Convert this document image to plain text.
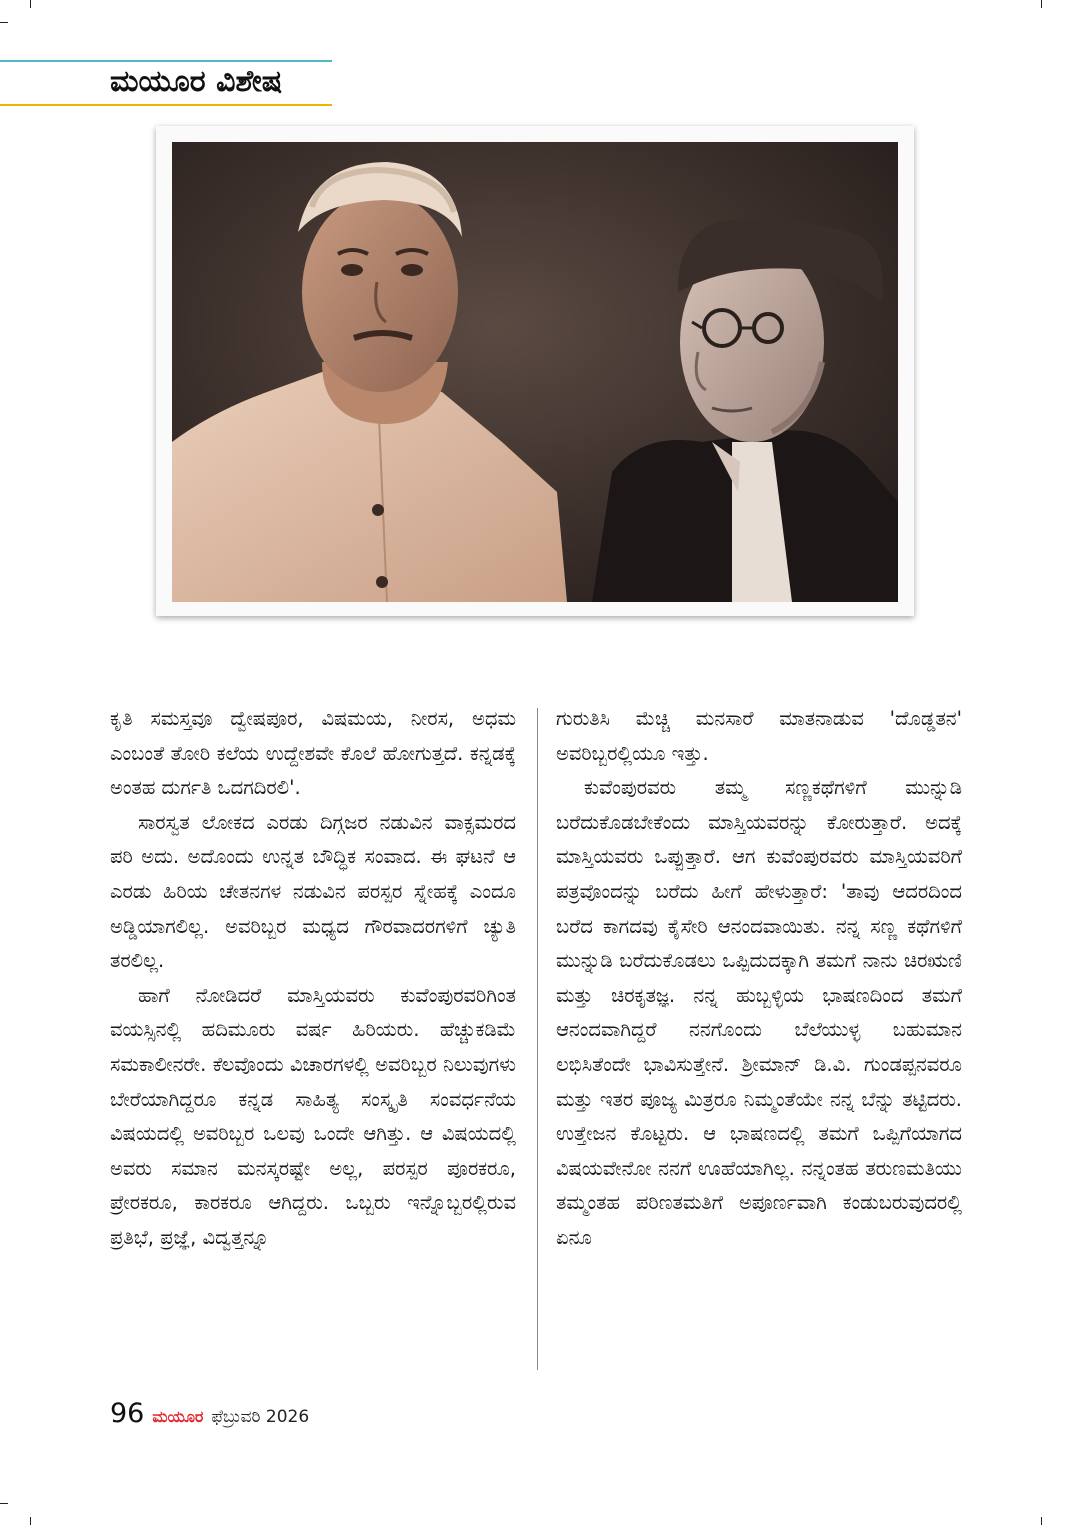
ಮಯೂರ ವಿಶೇಷ

ಕೃತಿ ಸಮಸ್ತವೂ ದ್ವೇಷಪೂರ, ವಿಷಮಯ, ನೀರಸ, ಅಧಮ ಎಂಬಂತೆ ತೋರಿ ಕಲೆಯ ಉದ್ದೇಶವೇ ಕೊಲೆ ಹೋಗುತ್ತದೆ. ಕನ್ನಡಕ್ಕೆ ಅಂತಹ ದುರ್ಗತಿ ಒದಗದಿರಲಿ'.

ಸಾರಸ್ವತ ಲೋಕದ ಎರಡು ದಿಗ್ಗಜರ ನಡುವಿನ ವಾಕ್ಸಮರದ ಪರಿ ಅದು. ಅದೊಂದು ಉನ್ನತ ಬೌದ್ಧಿಕ ಸಂವಾದ. ಈ ಘಟನೆ ಆ ಎರಡು ಹಿರಿಯ ಚೇತನಗಳ ನಡುವಿನ ಪರಸ್ಪರ ಸ್ನೇಹಕ್ಕೆ ಎಂದೂ ಅಡ್ಡಿಯಾಗಲಿಲ್ಲ. ಅವರಿಬ್ಬರ ಮಧ್ಯದ ಗೌರವಾದರಗಳಿಗೆ ಚ್ಯುತಿ ತರಲಿಲ್ಲ.

ಹಾಗೆ ನೋಡಿದರೆ ಮಾಸ್ತಿಯವರು ಕುವೆಂಪುರವರಿಗಿಂತ ವಯಸ್ಸಿನಲ್ಲಿ ಹದಿಮೂರು ವರ್ಷ ಹಿರಿಯರು. ಹೆಚ್ಚುಕಡಿಮೆ ಸಮಕಾಲೀನರೇ. ಕೆಲವೊಂದು ವಿಚಾರಗಳಲ್ಲಿ ಅವರಿಬ್ಬರ ನಿಲುವುಗಳು ಬೇರೆಯಾಗಿದ್ದರೂ ಕನ್ನಡ ಸಾಹಿತ್ಯ ಸಂಸ್ಕೃತಿ ಸಂವರ್ಧನೆಯ ವಿಷಯದಲ್ಲಿ ಅವರಿಬ್ಬರ ಒಲವು ಒಂದೇ ಆಗಿತ್ತು. ಆ ವಿಷಯದಲ್ಲಿ ಅವರು ಸಮಾನ ಮನಸ್ಕರಷ್ಟೇ ಅಲ್ಲ, ಪರಸ್ಪರ ಪೂರಕರೂ, ಪ್ರೇರಕರೂ, ಕಾರಕರೂ ಆಗಿದ್ದರು. ಒಬ್ಬರು ಇನ್ನೊಬ್ಬರಲ್ಲಿರುವ ಪ್ರತಿಭೆ, ಪ್ರಜ್ಞೆ, ವಿದ್ವತ್ತನ್ನೂ

ಗುರುತಿಸಿ ಮೆಚ್ಚಿ ಮನಸಾರೆ ಮಾತನಾಡುವ 'ದೊಡ್ಡತನ' ಅವರಿಬ್ಬರಲ್ಲಿಯೂ ಇತ್ತು.

ಕುವೆಂಪುರವರು ತಮ್ಮ ಸಣ್ಣಕಥೆಗಳಿಗೆ ಮುನ್ನುಡಿ ಬರೆದುಕೊಡಬೇಕೆಂದು ಮಾಸ್ತಿಯವರನ್ನು ಕೋರುತ್ತಾರೆ. ಅದಕ್ಕೆ ಮಾಸ್ತಿಯವರು ಒಪ್ಪುತ್ತಾರೆ. ಆಗ ಕುವೆಂಪುರವರು ಮಾಸ್ತಿಯವರಿಗೆ ಪತ್ರವೊಂದನ್ನು ಬರೆದು ಹೀಗೆ ಹೇಳುತ್ತಾರೆ: 'ತಾವು ಆದರದಿಂದ ಬರೆದ ಕಾಗದವು ಕೈಸೇರಿ ಆನಂದವಾಯಿತು. ನನ್ನ ಸಣ್ಣ ಕಥೆಗಳಿಗೆ ಮುನ್ನುಡಿ ಬರೆದುಕೊಡಲು ಒಪ್ಪಿದುದಕ್ಕಾಗಿ ತಮಗೆ ನಾನು ಚಿರಋಣಿ ಮತ್ತು ಚಿರಕೃತಜ್ಞ. ನನ್ನ ಹುಬ್ಬಳ್ಳಿಯ ಭಾಷಣದಿಂದ ತಮಗೆ ಆನಂದವಾಗಿದ್ದರೆ ನನಗೊಂದು ಬೆಲೆಯುಳ್ಳ ಬಹುಮಾನ ಲಭಿಸಿತೆಂದೇ ಭಾವಿಸುತ್ತೇನೆ. ಶ್ರೀಮಾನ್ ಡಿ.ವಿ. ಗುಂಡಪ್ಪನವರೂ ಮತ್ತು ಇತರ ಪೂಜ್ಯ ಮಿತ್ರರೂ ನಿಮ್ಮಂತೆಯೇ ನನ್ನ ಬೆನ್ನು ತಟ್ಟಿದರು. ಉತ್ತೇಜನ ಕೊಟ್ಟರು. ಆ ಭಾಷಣದಲ್ಲಿ ತಮಗೆ ಒಪ್ಪಿಗೆಯಾಗದ ವಿಷಯವೇನೋ ನನಗೆ ಊಹೆಯಾಗಿಲ್ಲ. ನನ್ನಂತಹ ತರುಣಮತಿಯು ತಮ್ಮಂತಹ ಪರಿಣತಮತಿಗೆ ಅಪೂರ್ಣವಾಗಿ ಕಂಡುಬರುವುದರಲ್ಲಿ ಏನೂ

96 ಮಯೂರ ಫೆಬ್ರುವರಿ 2026
